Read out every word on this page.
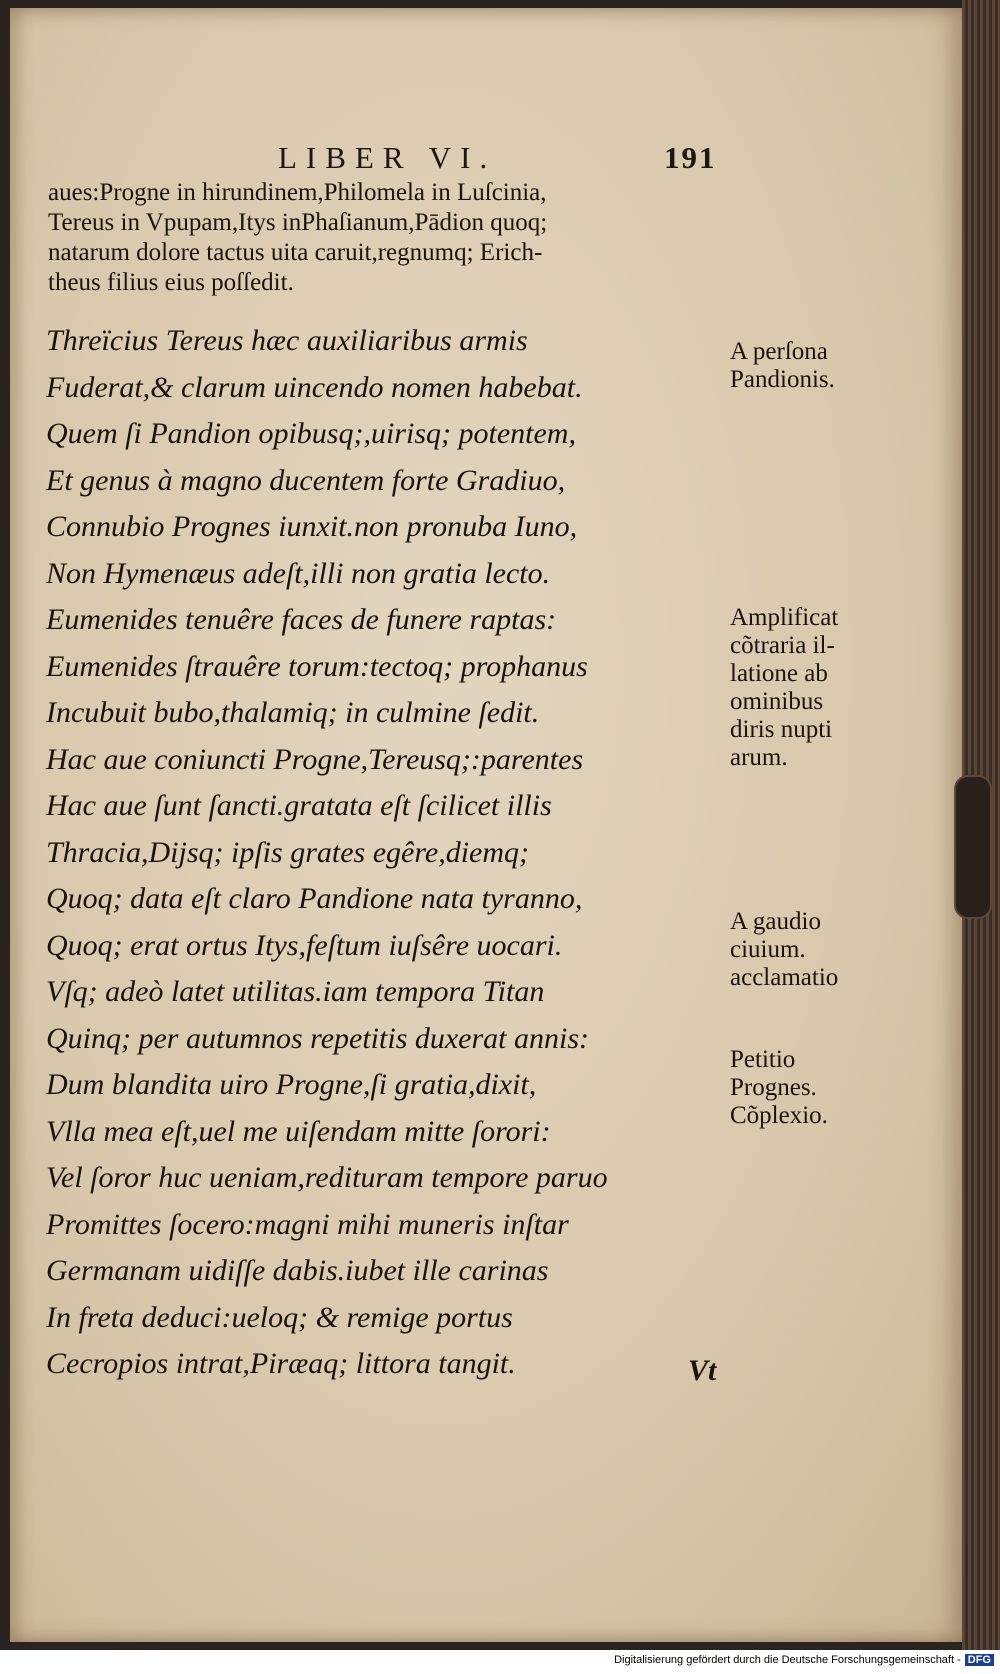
LIBER VI.	191
aues:Progne in hirundinem,Philomela in Luſcinia,
Tereus in Vpupam,Itys inPhaſianum,Pādion quoq;
natarum dolore tactus uita caruit,regnumq; Erich-
theus filius eius poſſedit.
Threïcius Tereus hæc auxiliaribus armis
Fuderat,& clarum uincendo nomen habebat.
Quem ſi Pandion opibusq;,uirisq; potentem,
Et genus à magno ducentem forte Gradiuo,
Connubio Prognes iunxit.non pronuba Iuno,
Non Hymenæus adeſt,illi non gratia lecto.
Eumenides tenuêre faces de funere raptas:
Eumenides ſtrauêre torum:tectoq; prophanus
Incubuit bubo,thalamiq; in culmine ſedit.
Hac aue coniuncti Progne,Tereusq;:parentes
Hac aue ſunt ſancti.gratata eſt ſcilicet illis
Thracia,Dijsq; ipſis grates egêre,diemq;
Quoq; data eſt claro Pandione nata tyranno,
Quoq; erat ortus Itys,feſtum iuſsêre uocari.
Vſq; adeò latet utilitas.iam tempora Titan
Quinq; per autumnos repetitis duxerat annis:
Dum blandita uiro Progne,ſi gratia,dixit,
Vlla mea eſt,uel me uiſendam mitte ſorori:
Vel ſoror huc ueniam,redituram tempore paruo
Promittes ſocero:magni mihi muneris inſtar
Germanam uidiſſe dabis.iubet ille carinas
In freta deduci:ueloq; & remige portus
Cecropios intrat,Piræaq; littora tangit.
A perſona
Pandionis.
Amplificat
cõtraria il-
latione ab
ominibus
diris nupti
arum.
A gaudio
ciuium.
acclamatio
Petitio
Prognes.
Cõplexio.
Vt
Digitalisierung gefördert durch die Deutsche Forschungsgemeinschaft - DFG
